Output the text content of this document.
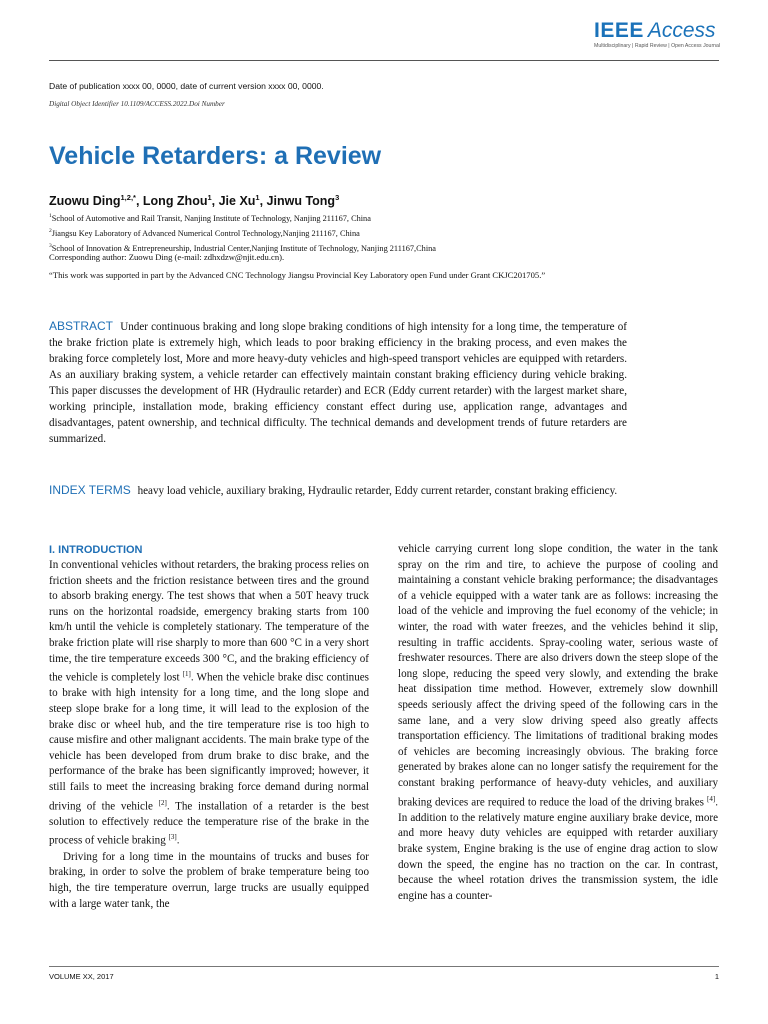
IEEE Access
Multidisciplinary | Rapid Review | Open Access Journal
Date of publication xxxx 00, 0000, date of current version xxxx 00, 0000.
Digital Object Identifier 10.1109/ACCESS.2022.Doi Number
Vehicle Retarders: a Review
Zuowu Ding$^{1,2,*}$, Long Zhou$^1$, Jie Xu$^1$, Jinwu Tong$^3$
$^1$School of Automotive and Rail Transit, Nanjing Institute of Technology, Nanjing 211167, China
$^2$Jiangsu Key Laboratory of Advanced Numerical Control Technology,Nanjing 211167, China
$^3$School of Innovation & Entrepreneurship, Industrial Center,Nanjing Institute of Technology, Nanjing 211167,China
Corresponding author: Zuowu Ding (e-mail: zdhxdzw@njit.edu.cn).
“This work was supported in part by the Advanced CNC Technology Jiangsu Provincial Key Laboratory open Fund under Grant CKJC201705.”
ABSTRACT Under continuous braking and long slope braking conditions of high intensity for a long time, the temperature of the brake friction plate is extremely high, which leads to poor braking efficiency in the braking process, and even makes the braking force completely lost, More and more heavy-duty vehicles and high-speed transport vehicles are equipped with retarders. As an auxiliary braking system, a vehicle retarder can effectively maintain constant braking efficiency during vehicle braking. This paper discusses the development of HR (Hydraulic retarder) and ECR (Eddy current retarder) with the largest market share, working principle, installation mode, braking efficiency constant effect during use, application range, advantages and disadvantages, patent ownership, and technical difficulty. The technical demands and development trends of future retarders are summarized.
INDEX TERMS heavy load vehicle, auxiliary braking, Hydraulic retarder, Eddy current retarder, constant braking efficiency.
I. INTRODUCTION

In conventional vehicles without retarders, the braking process relies on friction sheets and the friction resistance between tires and the ground to absorb braking energy. The test shows that when a 50T heavy truck runs on the horizontal roadside, emergency braking starts from 100 km/h until the vehicle is completely stationary. The temperature of the brake friction plate will rise sharply to more than 600 °C in a very short time, the tire temperature exceeds 300 °C, and the braking efficiency of the vehicle is completely lost [1]. When the vehicle brake disc continues to brake with high intensity for a long time, and the long slope and steep slope brake for a long time, it will lead to the explosion of the brake disc or wheel hub, and the tire temperature rise is too high to cause misfire and other malignant accidents. The main brake type of the vehicle has been developed from drum brake to disc brake, and the performance of the brake has been significantly improved; however, it still fails to meet the increasing braking force demand during normal driving of the vehicle [2]. The installation of a retarder is the best solution to effectively reduce the temperature rise of the brake in the process of vehicle braking [3].

Driving for a long time in the mountains of trucks and buses for braking, in order to solve the problem of brake temperature being too high, the tire temperature overrun, large trucks are usually equipped with a large water tank, the

vehicle carrying current long slope condition, the water in the tank spray on the rim and tire, to achieve the purpose of cooling and maintaining a constant vehicle braking performance; the disadvantages of a vehicle equipped with a water tank are as follows: increasing the load of the vehicle and improving the fuel economy of the vehicle; in winter, the road with water freezes, and the vehicles behind it slip, resulting in traffic accidents. Spray-cooling water, serious waste of freshwater resources. There are also drivers down the steep slope of the long slope, reducing the speed very slowly, and extending the brake heat dissipation time method. However, extremely slow downhill speeds seriously affect the driving speed of the following cars in the same lane, and a very slow driving speed also greatly affects transportation efficiency. The limitations of traditional braking modes of vehicles are becoming increasingly obvious. The braking force generated by brakes alone can no longer satisfy the requirement for the constant braking performance of heavy-duty vehicles, and auxiliary braking devices are required to reduce the load of the driving brakes [4]. In addition to the relatively mature engine auxiliary brake device, more and more heavy duty vehicles are equipped with retarder auxiliary brake system, Engine braking is the use of engine drag action to slow down the speed, the engine has no traction on the car. In contrast, because the wheel rotation drives the transmission system, the idle engine has a counter-

VOLUME XX, 2017	1
